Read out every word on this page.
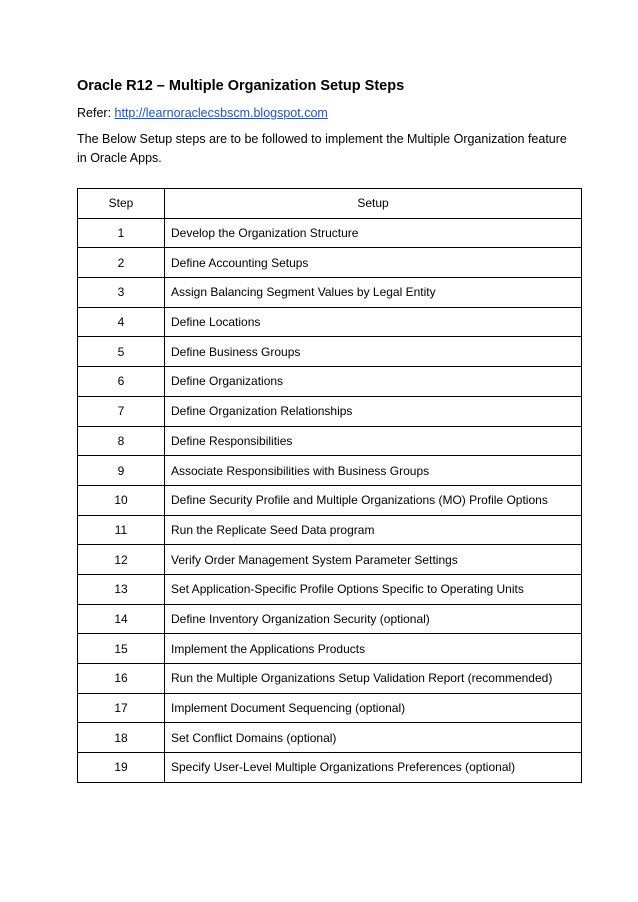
Oracle R12 – Multiple Organization Setup Steps
Refer: http://learnoraclecsbscm.blogspot.com
The Below Setup steps are to be followed to implement the Multiple Organization feature in Oracle Apps.
Step	Setup
1	Develop the Organization Structure
2	Define Accounting Setups
3	Assign Balancing Segment Values by Legal Entity
4	Define Locations
5	Define Business Groups
6	Define Organizations
7	Define Organization Relationships
8	Define Responsibilities
9	Associate Responsibilities with Business Groups
10	Define Security Profile and Multiple Organizations (MO) Profile Options
11	Run the Replicate Seed Data program
12	Verify Order Management System Parameter Settings
13	Set Application-Specific Profile Options Specific to Operating Units
14	Define Inventory Organization Security (optional)
15	Implement the Applications Products
16	Run the Multiple Organizations Setup Validation Report (recommended)
17	Implement Document Sequencing (optional)
18	Set Conflict Domains (optional)
19	Specify User-Level Multiple Organizations Preferences (optional)
